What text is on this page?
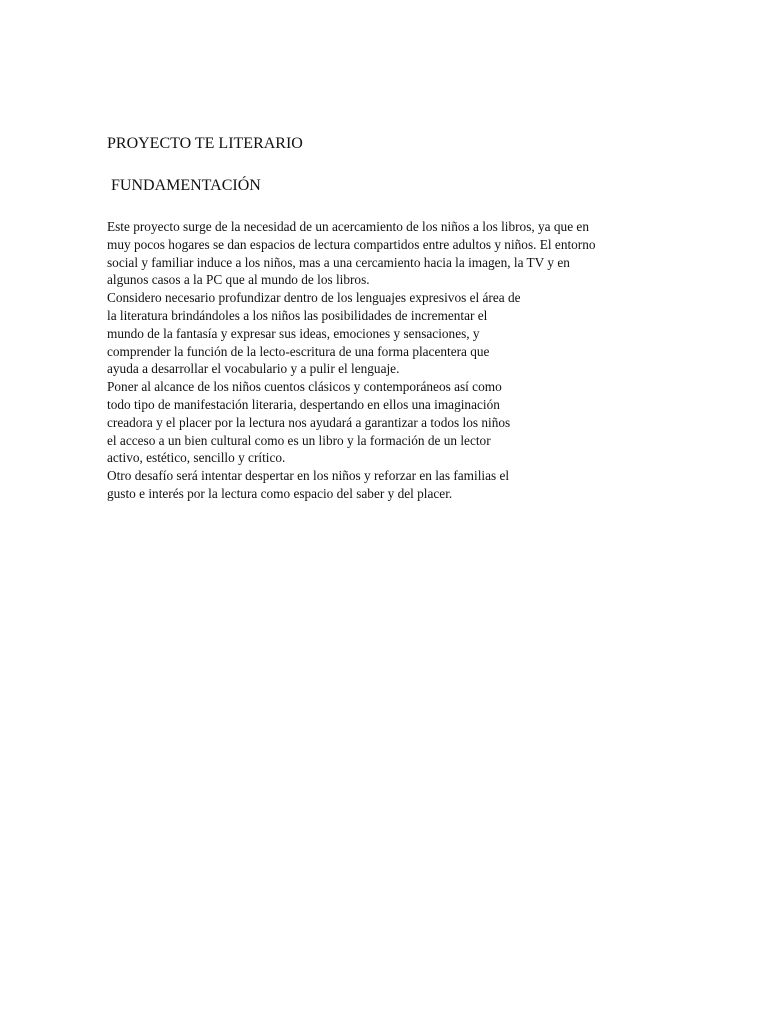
PROYECTO TE LITERARIO
FUNDAMENTACIÓN
Este proyecto surge de la necesidad de un acercamiento de los niños a los libros, ya que en
muy pocos hogares se dan espacios de lectura compartidos entre adultos y niños. El entorno
social y familiar induce a los niños, mas a una cercamiento hacia la imagen, la TV y en
algunos casos a la PC que al mundo de los libros.
Considero necesario profundizar dentro de los lenguajes expresivos el área de
la literatura brindándoles a los niños las posibilidades de incrementar el
mundo de la fantasía y expresar sus ideas, emociones y sensaciones, y
comprender la función de la lecto-escritura de una forma placentera que
ayuda a desarrollar el vocabulario y a pulir el lenguaje.
Poner al alcance de los niños cuentos clásicos y contemporáneos así como
todo tipo de manifestación literaria, despertando en ellos una imaginación
creadora y el placer por la lectura nos ayudará a garantizar a todos los niños
el acceso a un bien cultural como es un libro y la formación de un lector
activo, estético, sencillo y crítico.
Otro desafío será intentar despertar en los niños y reforzar en las familias el
gusto e interés por la lectura como espacio del saber y del placer.
